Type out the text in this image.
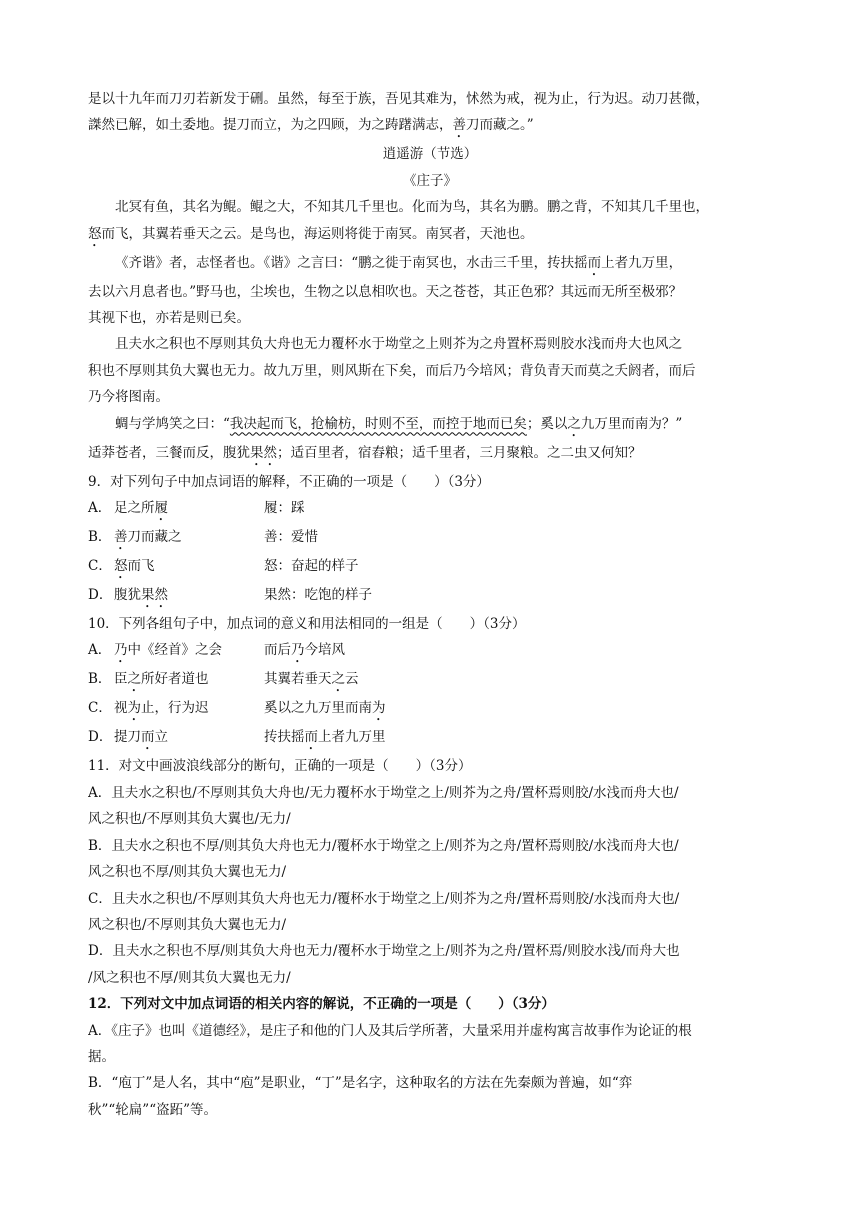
是以十九年而刀刃若新发于硎。虽然，每至于族，吾见其难为，怵然为戒，视为止，行为迟。动刀甚微，
謋然已解，如土委地。提刀而立，为之四顾，为之踌躇满志，善刀而藏之。”
逍遥游（节选）
《庄子》
北冥有鱼，其名为鲲。鲲之大，不知其几千里也。化而为鸟，其名为鹏。鹏之背，不知其几千里也，
怒而飞，其翼若垂天之云。是鸟也，海运则将徙于南冥。南冥者，天池也。
《齐谐》者，志怪者也。《谐》之言曰：“鹏之徙于南冥也，水击三千里，抟扶摇而上者九万里，
去以六月息者也。”野马也，尘埃也，生物之以息相吹也。天之苍苍，其正色邪？其远而无所至极邪？
其视下也，亦若是则已矣。
且夫水之积也不厚则其负大舟也无力覆杯水于坳堂之上则芥为之舟置杯焉则胶水浅而舟大也风之
积也不厚则其负大翼也无力。故九万里，则风斯在下矣，而后乃今培风；背负青天而莫之夭阏者，而后
乃今将图南。
蜩与学鸠笑之曰：“我决起而飞，抢榆枋，时则不至，而控于地而已矣；奚以之九万里而南为？”
适莽苍者，三餐而反，腹犹果然；适百里者，宿舂粮；适千里者，三月聚粮。之二虫又何知？
9．对下列句子中加点词语的解释，不正确的一项是（　　）（3分）
A． 足之所履	履：踩
B． 善刀而藏之	善：爱惜
C． 怒而飞	怒：奋起的样子
D． 腹犹果然	果然：吃饱的样子
10．下列各组句子中，加点词的意义和用法相同的一组是（　　）（3分）
A． 乃中《经首》之会	而后乃今培风
B． 臣之所好者道也	其翼若垂天之云
C． 视为止，行为迟	奚以之九万里而南为
D． 提刀而立	抟扶摇而上者九万里
11．对文中画波浪线部分的断句，正确的一项是（　　）（3分）
A．且夫水之积也/不厚则其负大舟也/无力覆杯水于坳堂之上/则芥为之舟/置杯焉则胶/水浅而舟大也/
风之积也/不厚则其负大翼也/无力/
B．且夫水之积也不厚/则其负大舟也无力/覆杯水于坳堂之上/则芥为之舟/置杯焉则胶/水浅而舟大也/
风之积也不厚/则其负大翼也无力/
C．且夫水之积也/不厚则其负大舟也无力/覆杯水于坳堂之上/则芥为之舟/置杯焉则胶/水浅而舟大也/
风之积也/不厚则其负大翼也无力/
D．且夫水之积也不厚/则其负大舟也无力/覆杯水于坳堂之上/则芥为之舟/置杯焉/则胶水浅/而舟大也
/风之积也不厚/则其负大翼也无力/
12．下列对文中加点词语的相关内容的解说，不正确的一项是（　　）（3分）
A．《庄子》也叫《道德经》，是庄子和他的门人及其后学所著，大量采用并虚构寓言故事作为论证的根
据。
B．“庖丁”是人名，其中“庖”是职业，“丁”是名字，这种取名的方法在先秦颇为普遍，如“弈
秋”“轮扁”“盗跖”等。
